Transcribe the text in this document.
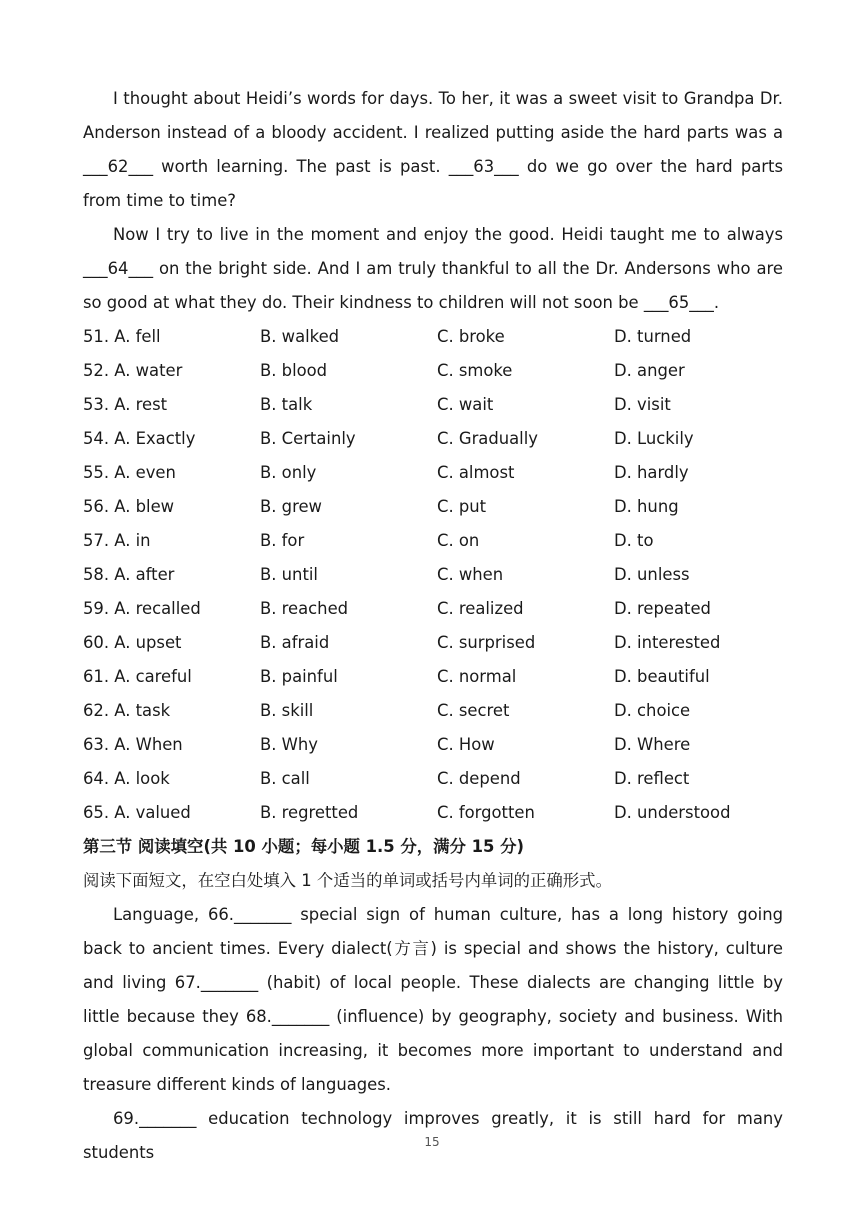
I thought about Heidi’s words for days. To her, it was a sweet visit to Grandpa Dr. Anderson instead of a bloody accident. I realized putting aside the hard parts was a ___62___ worth learning. The past is past. ___63___ do we go over the hard parts from time to time?

Now I try to live in the moment and enjoy the good. Heidi taught me to always ___64___ on the bright side. And I am truly thankful to all the Dr. Andersons who are so good at what they do. Their kindness to children will not soon be ___65___.

51. A. fell	B. walked	C. broke	D. turned
52. A. water	B. blood	C. smoke	D. anger
53. A. rest	B. talk	C. wait	D. visit
54. A. Exactly	B. Certainly	C. Gradually	D. Luckily
55. A. even	B. only	C. almost	D. hardly
56. A. blew	B. grew	C. put	D. hung
57. A. in	B. for	C. on	D. to
58. A. after	B. until	C. when	D. unless
59. A. recalled	B. reached	C. realized	D. repeated
60. A. upset	B. afraid	C. surprised	D. interested
61. A. careful	B. painful	C. normal	D. beautiful
62. A. task	B. skill	C. secret	D. choice
63. A. When	B. Why	C. How	D. Where
64. A. look	B. call	C. depend	D. reflect
65. A. valued	B. regretted	C. forgotten	D. understood

第三节 阅读填空(共 10 小题；每小题 1.5 分，满分 15 分)

阅读下面短文，在空白处填入 1 个适当的单词或括号内单词的正确形式。

Language, 66._______ special sign of human culture, has a long history going back to ancient times. Every dialect(方言) is special and shows the history, culture and living 67._______ (habit) of local people. These dialects are changing little by little because they 68._______ (influence) by geography, society and business. With global communication increasing, it becomes more important to understand and treasure different kinds of languages.

69._______ education technology improves greatly, it is still hard for many students

15
